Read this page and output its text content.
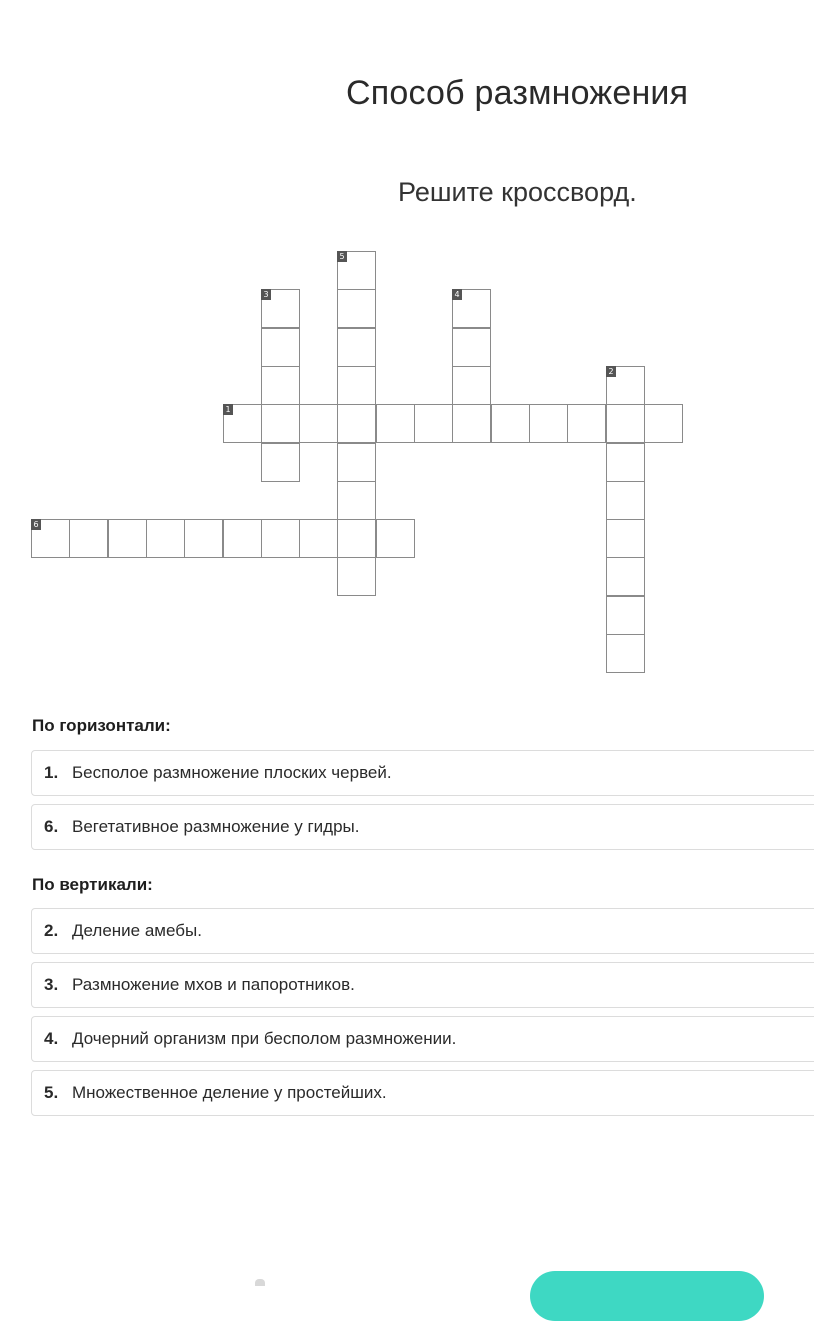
Способ размножения
Решите кроссворд.
1
2
3	4
5
6
По горизонтали:
1. Бесполое размножение плоских червей.
6. Вегетативное размножение у гидры.
По вертикали:
2. Деление амебы.
3. Размножение мхов и папоротников.
4. Дочерний организм при бесполом размножении.
5. Множественное деление у простейших.
